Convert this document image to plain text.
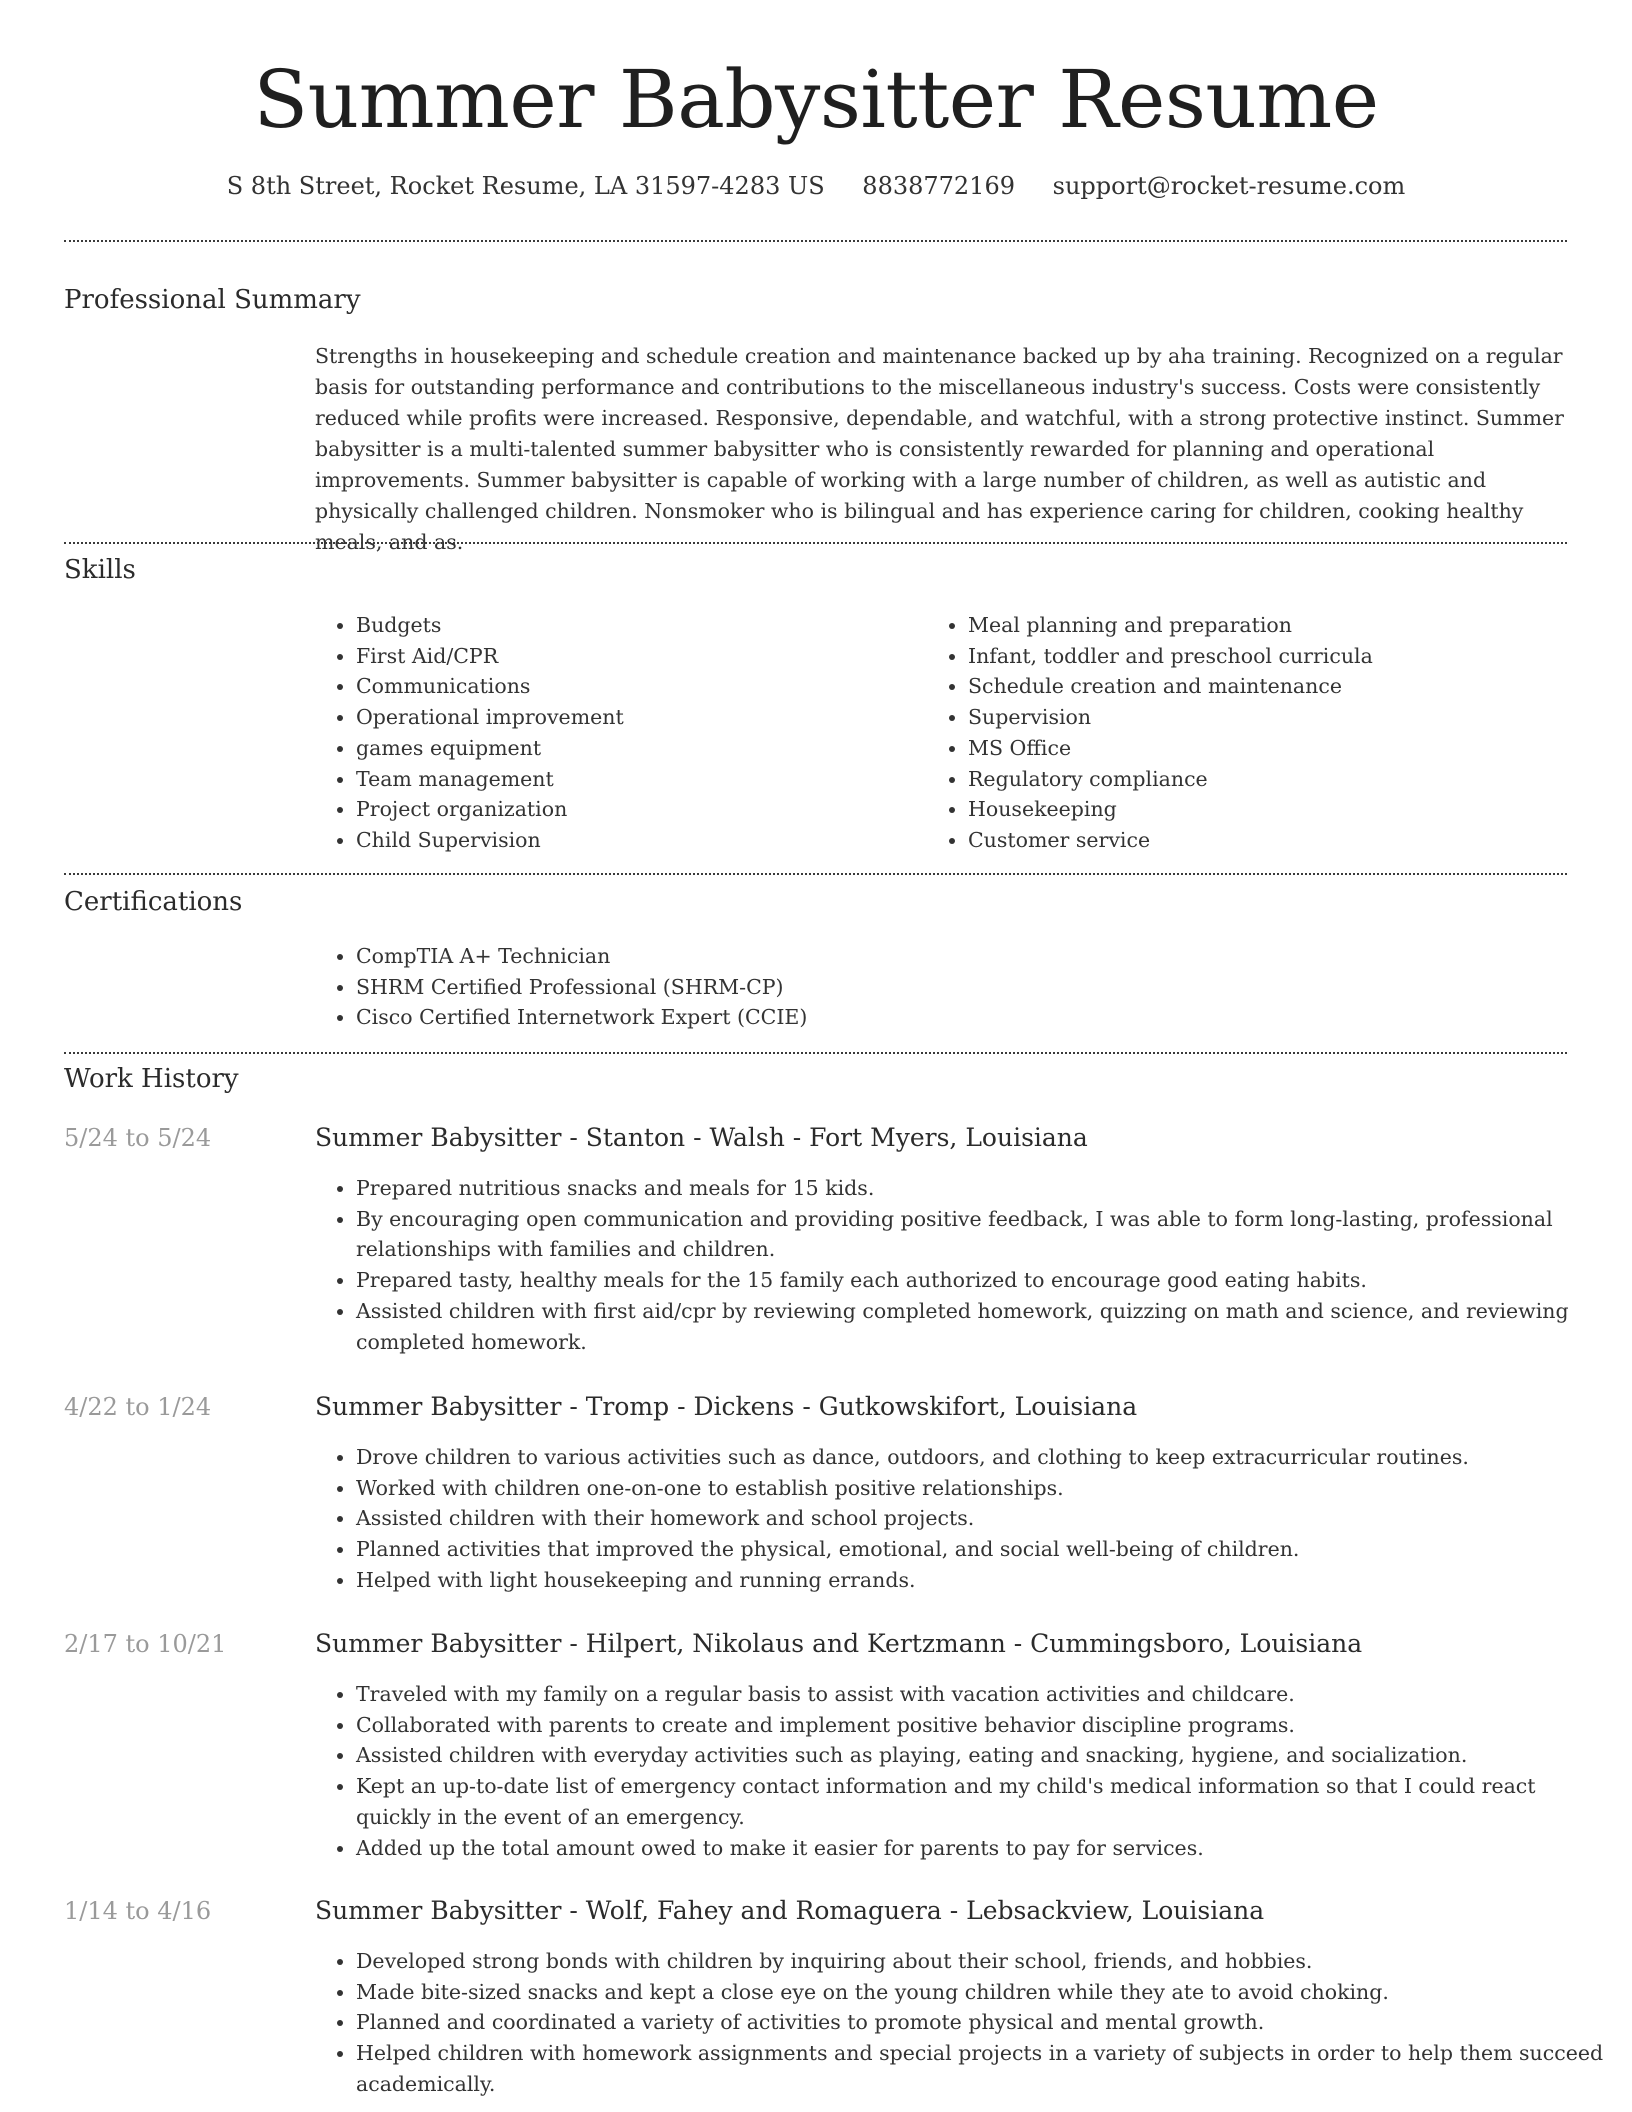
Summer Babysitter Resume
S 8th Street, Rocket Resume, LA 31597-4283 US 8838772169 support@rocket-resume.com
Professional Summary

Strengths in housekeeping and schedule creation and maintenance backed up by aha training. Recognized on a regular basis for outstanding performance and contributions to the miscellaneous industry's success. Costs were consistently reduced while profits were increased. Responsive, dependable, and watchful, with a strong protective instinct. Summer babysitter is a multi-talented summer babysitter who is consistently rewarded for planning and operational improvements. Summer babysitter is capable of working with a large number of children, as well as autistic and physically challenged children. Nonsmoker who is bilingual and has experience caring for children, cooking healthy meals, and as.

Skills
• Budgets
• First Aid/CPR
• Communications
• Operational improvement
• games equipment
• Team management
• Project organization
• Child Supervision
• Meal planning and preparation
• Infant, toddler and preschool curricula
• Schedule creation and maintenance
• Supervision
• MS Office
• Regulatory compliance
• Housekeeping
• Customer service
Certifications
• CompTIA A+ Technician
• SHRM Certified Professional (SHRM-CP)
• Cisco Certified Internetwork Expert (CCIE)
Work History
5/24 to 5/24	Summer Babysitter - Stanton - Walsh - Fort Myers, Louisiana
• Prepared nutritious snacks and meals for 15 kids.
• By encouraging open communication and providing positive feedback, I was able to form long-lasting, professional relationships with families and children.
• Prepared tasty, healthy meals for the 15 family each authorized to encourage good eating habits.
• Assisted children with first aid/cpr by reviewing completed homework, quizzing on math and science, and reviewing completed homework.
4/22 to 1/24	Summer Babysitter - Tromp - Dickens - Gutkowskifort, Louisiana
• Drove children to various activities such as dance, outdoors, and clothing to keep extracurricular routines.
• Worked with children one-on-one to establish positive relationships.
• Assisted children with their homework and school projects.
• Planned activities that improved the physical, emotional, and social well-being of children.
• Helped with light housekeeping and running errands.
2/17 to 10/21	Summer Babysitter - Hilpert, Nikolaus and Kertzmann - Cummingsboro, Louisiana
• Traveled with my family on a regular basis to assist with vacation activities and childcare.
• Collaborated with parents to create and implement positive behavior discipline programs.
• Assisted children with everyday activities such as playing, eating and snacking, hygiene, and socialization.
• Kept an up-to-date list of emergency contact information and my child's medical information so that I could react quickly in the event of an emergency.
• Added up the total amount owed to make it easier for parents to pay for services.
1/14 to 4/16	Summer Babysitter - Wolf, Fahey and Romaguera - Lebsackview, Louisiana
• Developed strong bonds with children by inquiring about their school, friends, and hobbies.
• Made bite-sized snacks and kept a close eye on the young children while they ate to avoid choking.
• Planned and coordinated a variety of activities to promote physical and mental growth.
• Helped children with homework assignments and special projects in a variety of subjects in order to help them succeed academically.
